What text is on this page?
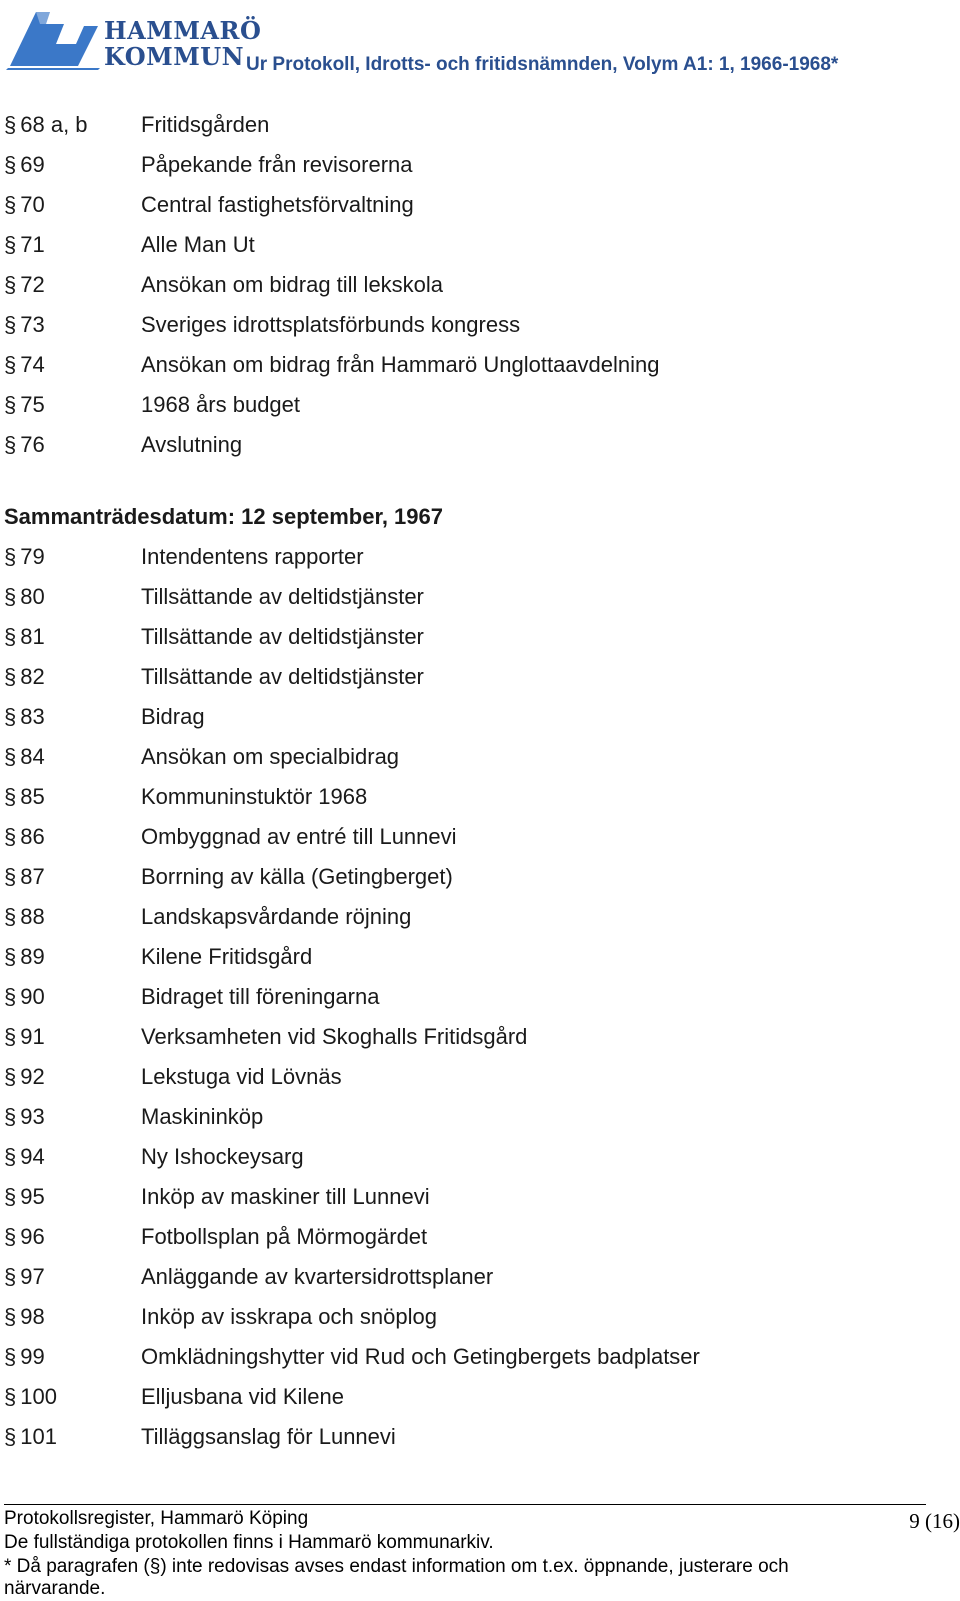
HAMMARÖ
KOMMUN Ur Protokoll, Idrotts- och fritidsnämnden, Volym A1: 1, 1966-1968*
§ 68 a, b Fritidsgården
§ 69	Påpekande från revisorerna
§ 70	Central fastighetsförvaltning
§ 71	Alle Man Ut
§ 72	Ansökan om bidrag till lekskola
§ 73	Sveriges idrottsplatsförbunds kongress
§ 74	Ansökan om bidrag från Hammarö Unglottaavdelning
§ 75	1968 års budget
§ 76	Avslutning
Sammanträdesdatum: 12 september, 1967
§ 79	Intendentens rapporter
§ 80	Tillsättande av deltidstjänster
§ 81	Tillsättande av deltidstjänster
§ 82	Tillsättande av deltidstjänster
§ 83	Bidrag
§ 84	Ansökan om specialbidrag
§ 85	Kommuninstuktör 1968
§ 86	Ombyggnad av entré till Lunnevi
§ 87	Borrning av källa (Getingberget)
§ 88	Landskapsvårdande röjning
§ 89	Kilene Fritidsgård
§ 90	Bidraget till föreningarna
§ 91	Verksamheten vid Skoghalls Fritidsgård
§ 92	Lekstuga vid Lövnäs
§ 93	Maskininköp
§ 94	Ny Ishockeysarg
§ 95	Inköp av maskiner till Lunnevi
§ 96	Fotbollsplan på Mörmogärdet
§ 97	Anläggande av kvartersidrottsplaner
§ 98	Inköp av isskrapa och snöplog
§ 99	Omklädningshytter vid Rud och Getingbergets badplatser
§ 100	Elljusbana vid Kilene
§ 101	Tilläggsanslag för Lunnevi
Protokollsregister, Hammarö Köping	9 (16)
De fullständiga protokollen finns i Hammarö kommunarkiv.
* Då paragrafen (§) inte redovisas avses endast information om t.ex. öppnande, justerare och
närvarande.
